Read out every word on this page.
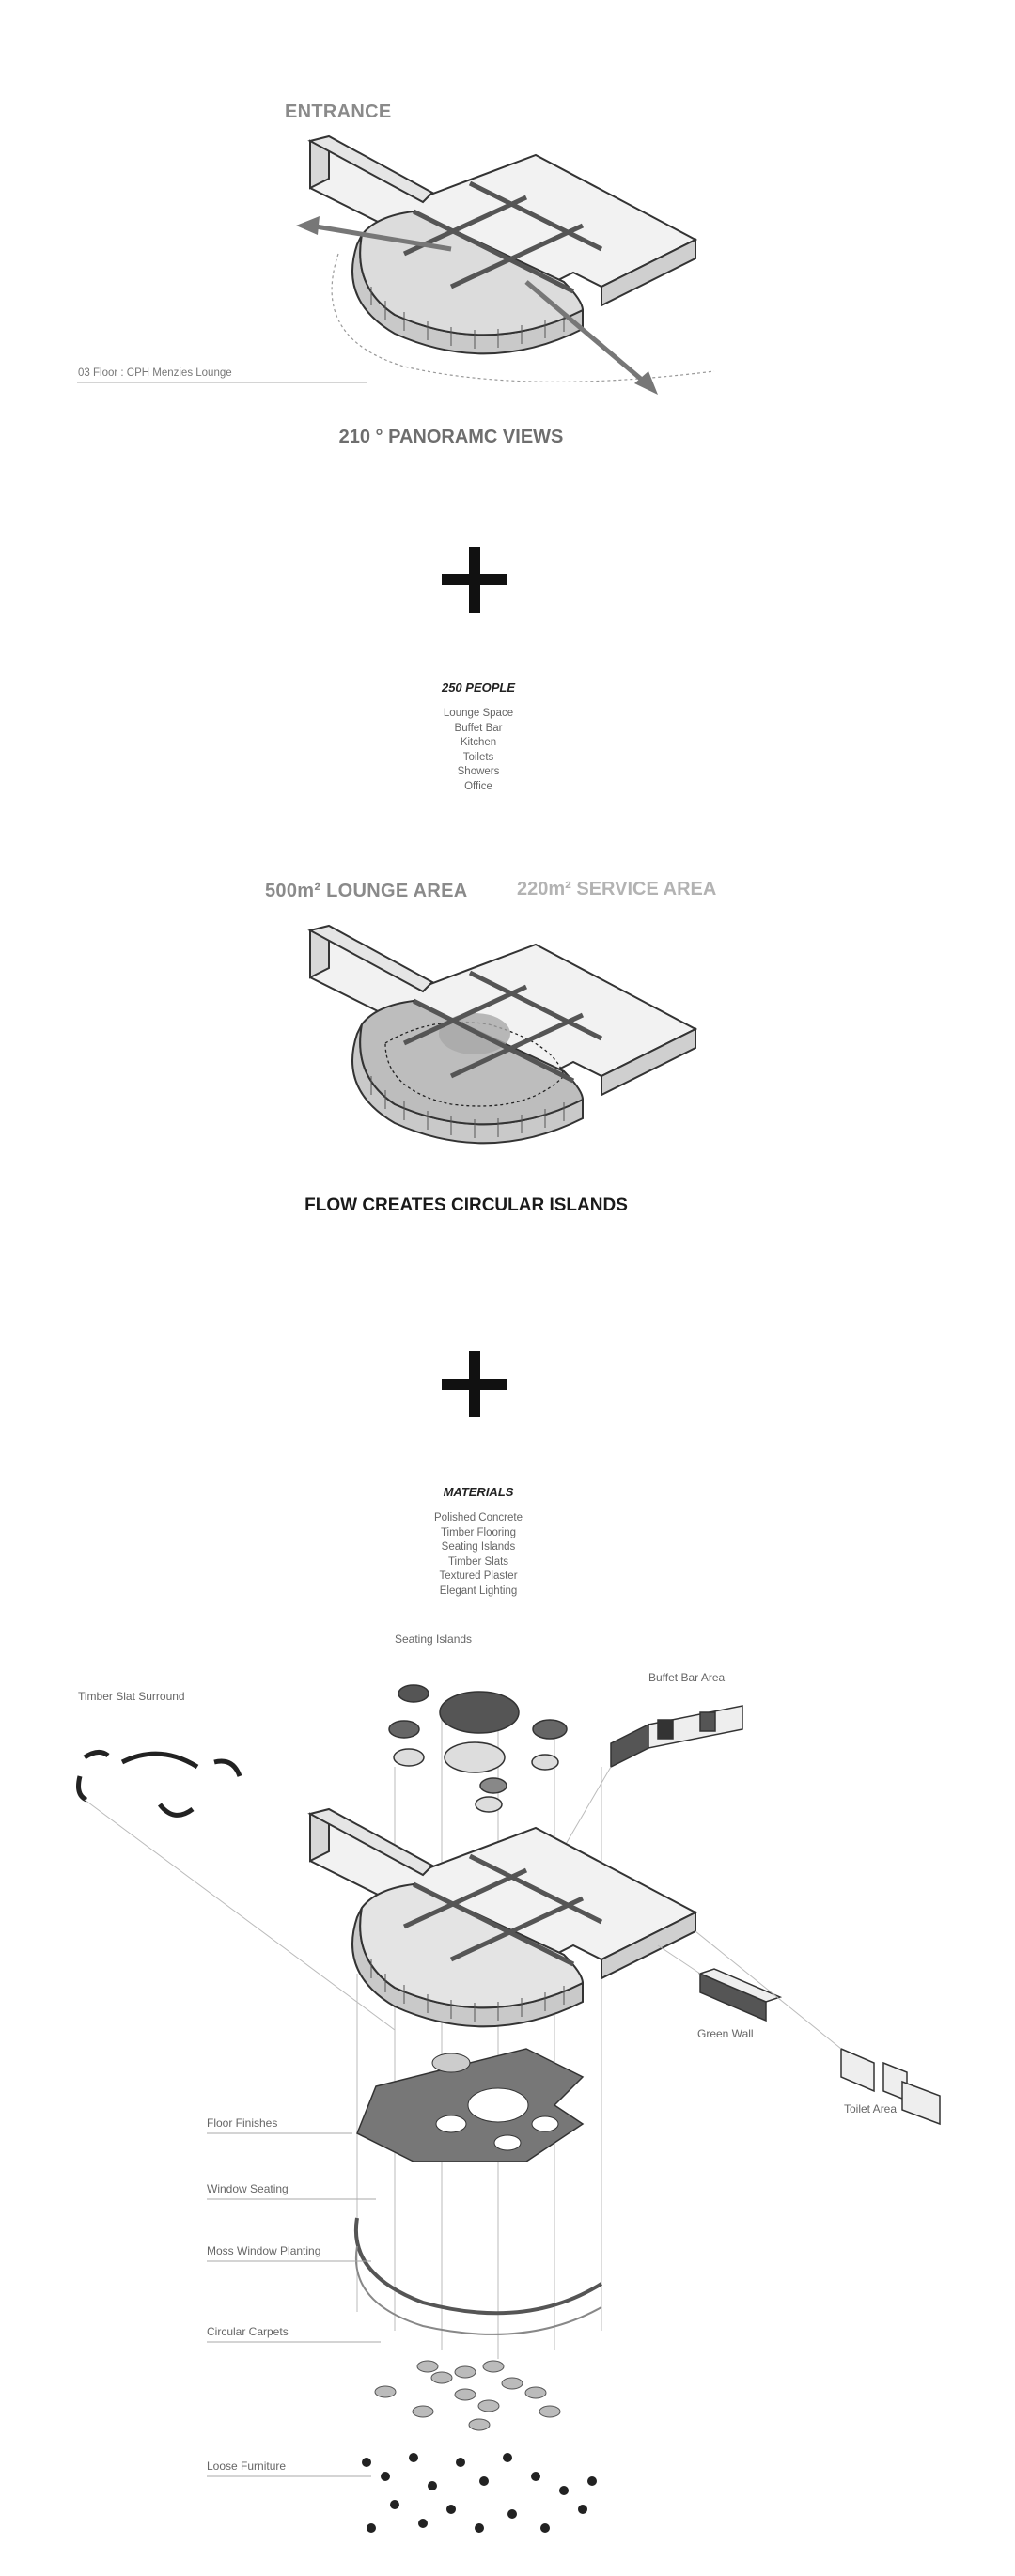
ENTRANCE
03 Floor : CPH Menzies Lounge
210 ° PANORAMC VIEWS
250 PEOPLE
Lounge Space
Buffet Bar
Kitchen
Toilets
Showers
Office
500m² LOUNGE AREA	220m² SERVICE AREA
FLOW CREATES CIRCULAR ISLANDS
MATERIALS
Polished Concrete
Timber Flooring
Seating Islands
Timber Slats
Textured Plaster
Elegant Lighting
Seating Islands
Timber Slat Surround
Buffet Bar Area
Green Wall
Toilet Area
Floor Finishes
Window Seating
Moss Window Planting
Circular Carpets
Loose Furniture
